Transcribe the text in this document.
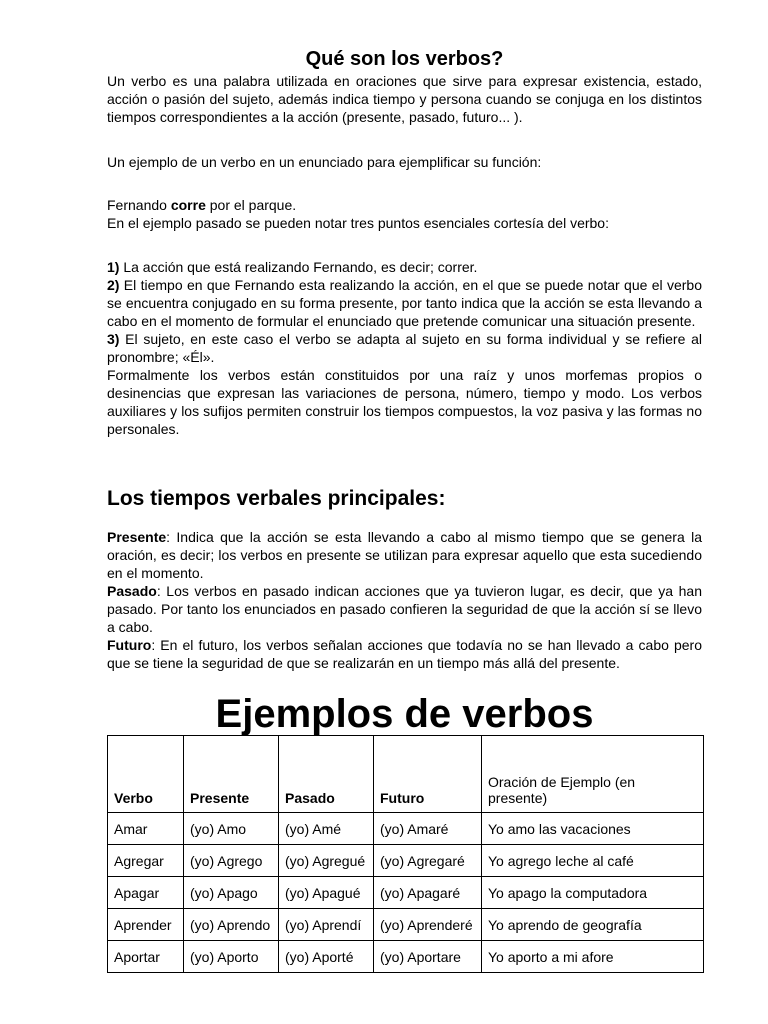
Qué son los verbos?

Un verbo es una palabra utilizada en oraciones que sirve para expresar existencia, estado, acción o pasión del sujeto, además indica tiempo y persona cuando se conjuga en los distintos tiempos correspondientes a la acción (presente, pasado, futuro... ).

Un ejemplo de un verbo en un enunciado para ejemplificar su función:

Fernando corre por el parque.

En el ejemplo pasado se pueden notar tres puntos esenciales cortesía del verbo:

1) La acción que está realizando Fernando, es decir; correr.

2) El tiempo en que Fernando esta realizando la acción, en el que se puede notar que el verbo se encuentra conjugado en su forma presente, por tanto indica que la acción se esta llevando a cabo en el momento de formular el enunciado que pretende comunicar una situación presente.

3) El sujeto, en este caso el verbo se adapta al sujeto en su forma individual y se refiere al pronombre; «Él».

Formalmente los verbos están constituidos por una raíz y unos morfemas propios o desinencias que expresan las variaciones de persona, número, tiempo y modo. Los verbos auxiliares y los sufijos permiten construir los tiempos compuestos, la voz pasiva y las formas no personales.

Los tiempos verbales principales:

Presente: Indica que la acción se esta llevando a cabo al mismo tiempo que se genera la oración, es decir; los verbos en presente se utilizan para expresar aquello que esta sucediendo en el momento.

Pasado: Los verbos en pasado indican acciones que ya tuvieron lugar, es decir, que ya han pasado. Por tanto los enunciados en pasado confieren la seguridad de que la acción sí se llevo a cabo.

Futuro: En el futuro, los verbos señalan acciones que todavía no se han llevado a cabo pero que se tiene la seguridad de que se realizarán en un tiempo más allá del presente.

Ejemplos de verbos
Verbo	Presente	Pasado	Futuro	Oración de Ejemplo (en presente)
Amar	(yo) Amo	(yo) Amé	(yo) Amaré	Yo amo las vacaciones
Agregar	(yo) Agrego	(yo) Agregué	(yo) Agregaré	Yo agrego leche al café
Apagar	(yo) Apago	(yo) Apagué	(yo) Apagaré	Yo apago la computadora
Aprender	(yo) Aprendo	(yo) Aprendí	(yo) Aprenderé	Yo aprendo de geografía
Aportar	(yo) Aporto	(yo) Aporté	(yo) Aportare	Yo aporto a mi afore
